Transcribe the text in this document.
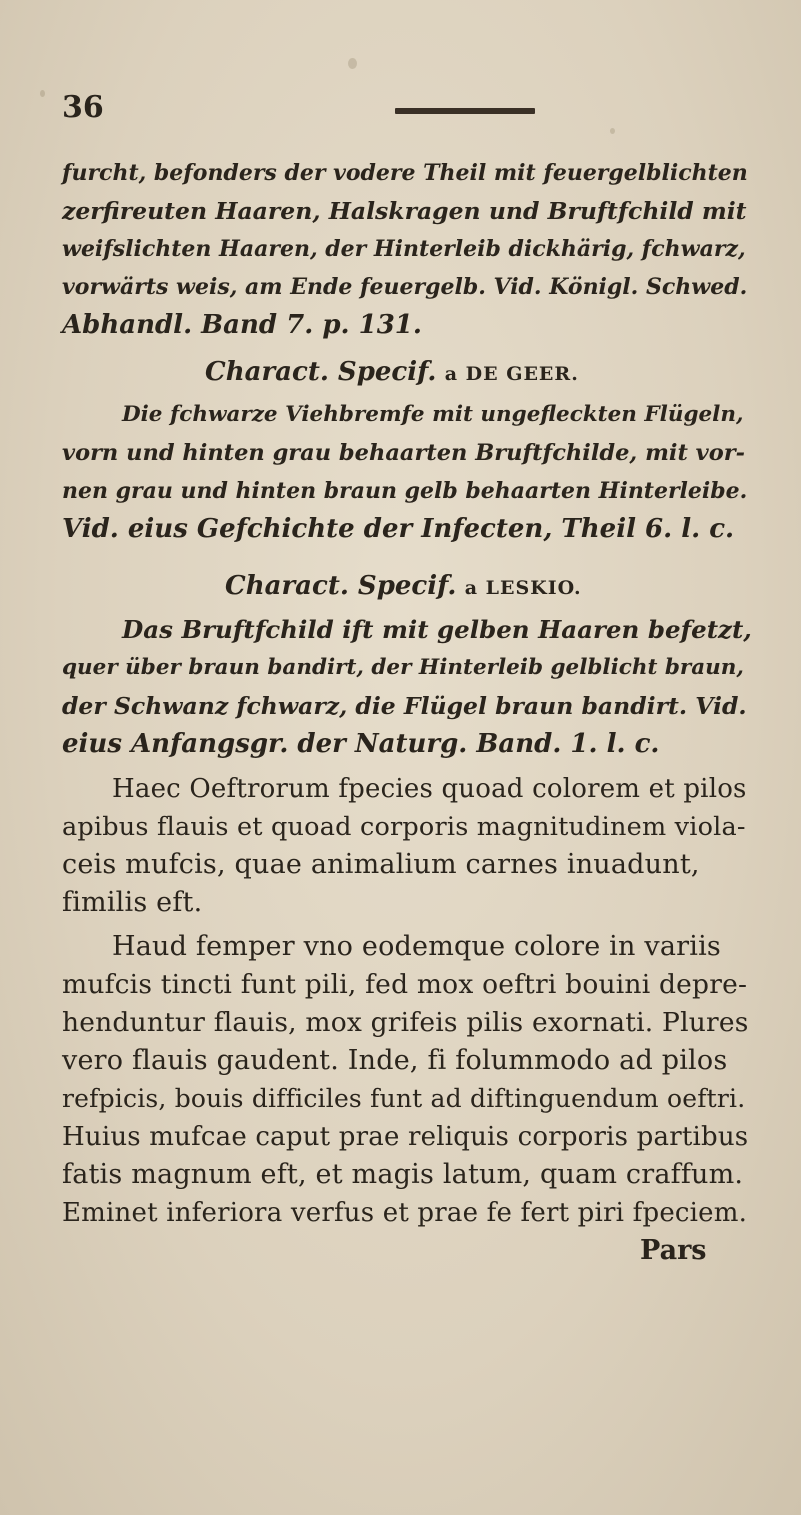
36
furcht, befonders der vodere Theil mit feuergelblichten
zerfireuten Haaren, Halskragen und Bruftfchild mit
weifslichten Haaren, der Hinterleib dickhärig, fchwarz,
vorwärts weis, am Ende feuergelb. Vid. Königl. Schwed.
Abhandl. Band 7. p. 131.
Charact. Specif. a DE GEER.
Die fchwarze Viehbremfe mit ungefleckten Flügeln,
vorn und hinten grau behaarten Bruftfchilde, mit vor-
nen grau und hinten braun gelb behaarten Hinterleibe.
Vid. eius Gefchichte der Infecten, Theil 6. l. c.
Charact. Specif. a LESKIO.
Das Bruftfchild ift mit gelben Haaren befetzt,
quer über braun bandirt, der Hinterleib gelblicht braun,
der Schwanz fchwarz, die Flügel braun bandirt. Vid.
eius Anfangsgr. der Naturg. Band. 1. l. c.
Haec Oeftrorum fpecies quoad colorem et pilos
apibus flauis et quoad corporis magnitudinem viola-
ceis mufcis, quae animalium carnes inuadunt,
fimilis eft.
Haud femper vno eodemque colore in variis
mufcis tincti funt pili, fed mox oeftri bouini depre-
henduntur flauis, mox grifeis pilis exornati. Plures
vero flauis gaudent. Inde, fi folummodo ad pilos
refpicis, bouis difficiles funt ad diftinguendum oeftri.
Huius mufcae caput prae reliquis corporis partibus
fatis magnum eft, et magis latum, quam craffum.
Eminet inferiora verfus et prae fe fert piri fpeciem.
Pars
